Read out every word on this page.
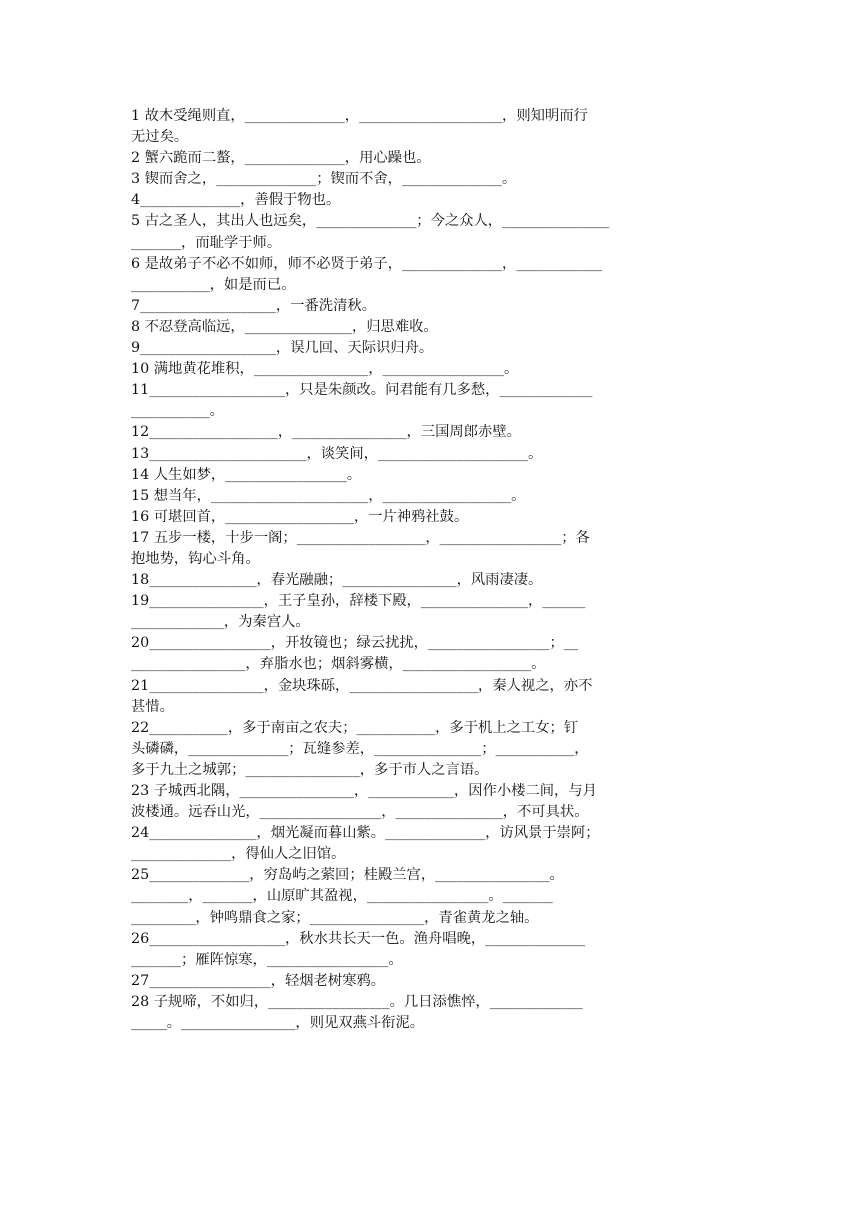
1 故木受绳则直，______________，____________________，则知明而行
无过矣。
2 蟹六跪而二螯，______________，用心躁也。
3 锲而舍之，______________；锲而不舍，______________。
4______________，善假于物也。
5 古之圣人，其出人也远矣，______________；今之众人，_______________
_______，而耻学于师。
6 是故弟子不必不如师，师不必贤于弟子，______________，____________
___________，如是而已。
7___________________，一番洗清秋。
8 不忍登高临远，_______________，归思难收。
9___________________，误几回、天际识归舟。
10 满地黄花堆积，________________，_________________。
11___________________，只是朱颜改。问君能有几多愁，_____________
___________。
12__________________，________________，三国周郎赤壁。
13______________________，谈笑间，_____________________。
14 人生如梦，_________________。
15 想当年，______________________，__________________。
16 可堪回首，__________________，一片神鸦社鼓。
17 五步一楼，十步一阁；__________________，_________________；各
抱地势，钩心斗角。
18_______________，春光融融；________________，风雨凄凄。
19________________，王子皇孙，辞楼下殿，_______________，______
_____________，为秦宫人。
20_________________，开妆镜也；绿云扰扰，_________________；__
________________，弃脂水也；烟斜雾横，__________________。
21________________，金块珠砾，__________________，秦人视之，亦不
甚惜。
22___________，多于南亩之农夫；___________，多于机上之工女；钉
头磷磷，______________；瓦缝参差，_______________；___________，
多于九土之城郭；________________，多于市人之言语。
23 子城西北隅，________________，____________，因作小楼二间，与月
波楼通。远吞山光，_________________，_______________，不可具状。
24_______________，烟光凝而暮山紫。______________，访风景于崇阿；
______________，得仙人之旧馆。
25______________，穷岛屿之萦回；桂殿兰宫，________________。
________，_______，山原旷其盈视，_________________。_______
_________，钟鸣鼎食之家；________________，青雀黄龙之轴。
26___________________，秋水共长天一色。渔舟唱晚，______________
_______；雁阵惊寒，_________________。
27_________________，轻烟老树寒鸦。
28 子规啼，不如归，_________________。几日添憔悴，_____________
_____。________________，则见双燕斗衔泥。
